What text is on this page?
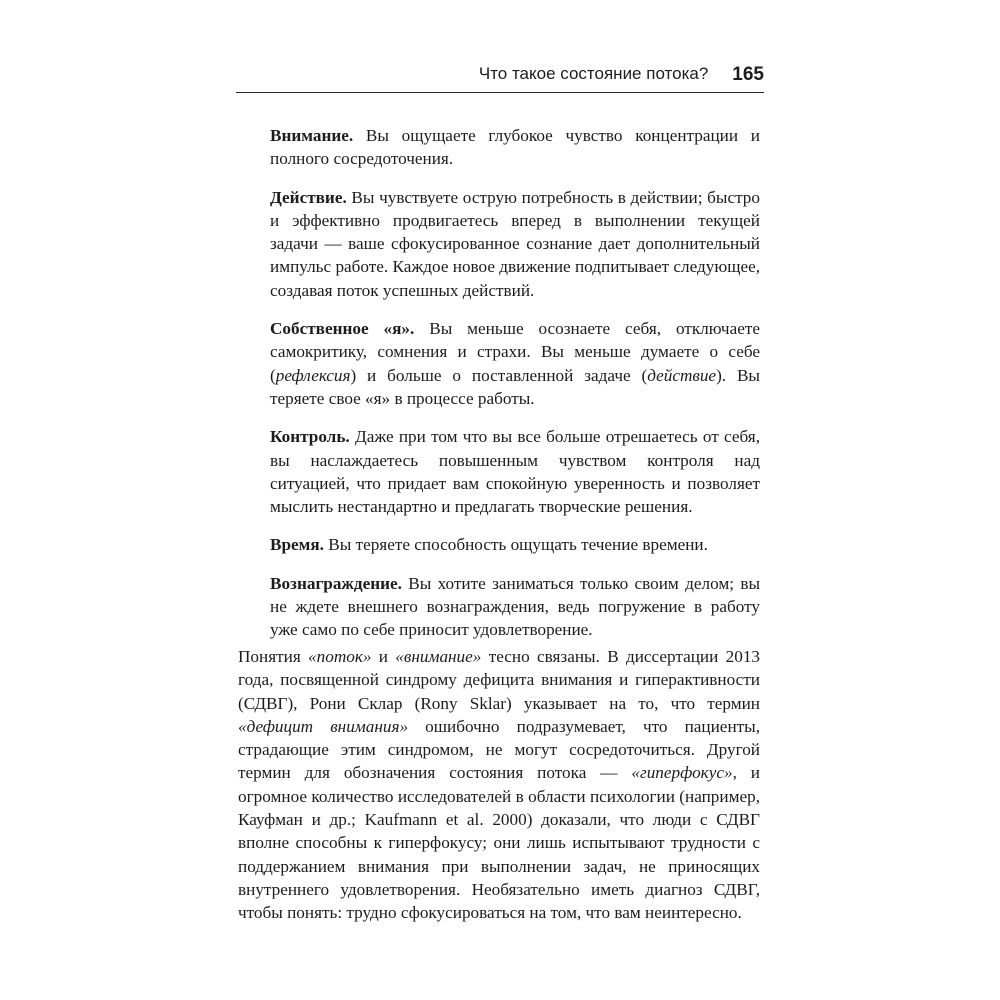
Что такое состояние потока? 165

Внимание. Вы ощущаете глубокое чувство концентрации и полного сосредоточения.

Действие. Вы чувствуете острую потребность в действии; быстро и эффективно продвигаетесь вперед в выполнении текущей задачи — ваше сфокусированное сознание дает дополнительный импульс работе. Каждое новое движение подпитывает следующее, создавая поток успешных действий.

Собственное «я». Вы меньше осознаете себя, отключаете самокритику, сомнения и страхи. Вы меньше думаете о себе (рефлексия) и больше о поставленной задаче (действие). Вы теряете свое «я» в процессе работы.

Контроль. Даже при том что вы все больше отрешаетесь от себя, вы наслаждаетесь повышенным чувством контроля над ситуацией, что придает вам спокойную уверенность и позволяет мыслить нестандартно и предлагать творческие решения.

Время. Вы теряете способность ощущать течение времени.

Вознаграждение. Вы хотите заниматься только своим делом; вы не ждете внешнего вознаграждения, ведь погружение в работу уже само по себе приносит удовлетворение.

Понятия «поток» и «внимание» тесно связаны. В диссертации 2013 года, посвященной синдрому дефицита внимания и гиперактивности (СДВГ), Рони Склар (Rony Sklar) указывает на то, что термин «дефицит внимания» ошибочно подразумевает, что пациенты, страдающие этим синдромом, не могут сосредоточиться. Другой термин для обозначения состояния потока — «гиперфокус», и огромное количество исследователей в области психологии (например, Кауфман и др.; Kaufmann et al. 2000) доказали, что люди с СДВГ вполне способны к гиперфокусу; они лишь испытывают трудности с поддержанием внимания при выполнении задач, не приносящих внутреннего удовлетворения. Необязательно иметь диагноз СДВГ, чтобы понять: трудно сфокусироваться на том, что вам неинтересно.
